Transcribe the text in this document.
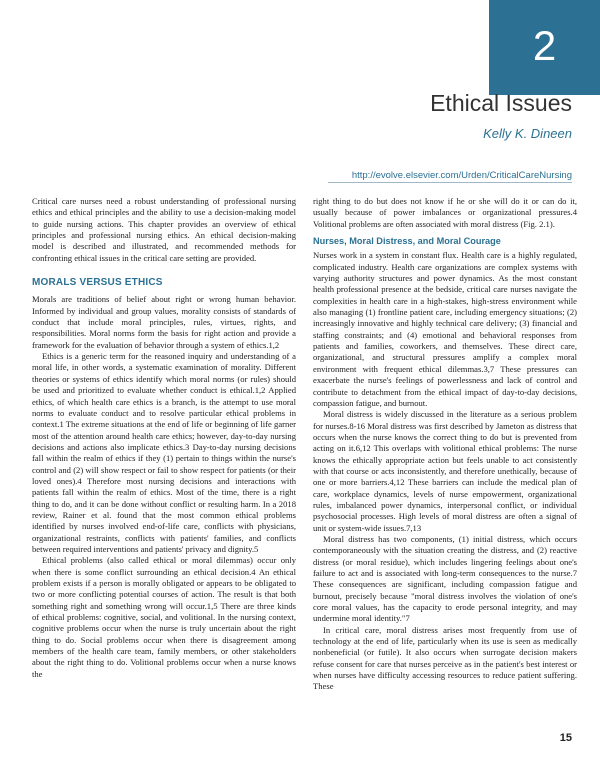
2
Ethical Issues
Kelly K. Dineen
http://evolve.elsevier.com/Urden/CriticalCareNursing

Critical care nurses need a robust understanding of professional nursing ethics and ethical principles and the ability to use a decision-making model to guide nursing actions. This chapter provides an overview of ethical principles and professional nursing ethics. An ethical decision-making model is described and illustrated, and recommended methods for confronting ethical issues in the critical care setting are provided.

MORALS VERSUS ETHICS

Morals are traditions of belief about right or wrong human behavior. Informed by individual and group values, morality consists of standards of conduct that include moral principles, rules, virtues, rights, and responsibilities. Moral norms form the basis for right action and provide a framework for the evaluation of behavior through a system of ethics.1,2

Ethics is a generic term for the reasoned inquiry and understanding of a moral life, in other words, a systematic examination of morality. Different theories or systems of ethics identify which moral norms (or rules) should be used and prioritized to evaluate whether conduct is ethical.1,2 Applied ethics, of which health care ethics is a branch, is the attempt to use moral norms to evaluate conduct and to resolve particular ethical problems in context.1 The extreme situations at the end of life or beginning of life garner most of the attention around health care ethics; however, day-to-day nursing decisions and actions also implicate ethics.3 Day-to-day nursing decisions fall within the realm of ethics if they (1) pertain to things within the nurse's control and (2) will show respect or fail to show respect for patients (or their loved ones).4 Therefore most nursing decisions and interactions with patients fall within the realm of ethics. Most of the time, there is a right thing to do, and it can be done without conflict or resulting harm. In a 2018 review, Rainer et al. found that the most common ethical problems identified by nurses involved end-of-life care, conflicts with physicians, organizational restraints, conflicts with patients' families, and conflicts between required interventions and patients' privacy and dignity.5

Ethical problems (also called ethical or moral dilemmas) occur only when there is some conflict surrounding an ethical decision.4 An ethical problem exists if a person is morally obligated or appears to be obligated to two or more conflicting potential courses of action. The result is that both something right and something wrong will occur.1,5 There are three kinds of ethical problems: cognitive, social, and volitional. In the nursing context, cognitive problems occur when the nurse is truly uncertain about the right thing to do. Social problems occur when there is disagreement among members of the health care team, family members, or other stakeholders about the right thing to do. Volitional problems occur when a nurse knows the

right thing to do but does not know if he or she will do it or can do it, usually because of power imbalances or organizational pressures.4 Volitional problems are often associated with moral distress (Fig. 2.1).

Nurses, Moral Distress, and Moral Courage

Nurses work in a system in constant flux. Health care is a highly regulated, complicated industry. Health care organizations are complex systems with varying authority structures and power dynamics. As the most constant health professional presence at the bedside, critical care nurses navigate the complexities in health care in a high-stakes, high-stress environment while also managing (1) frontline patient care, including emergency situations; (2) increasingly innovative and highly technical care delivery; (3) financial and staffing constraints; and (4) emotional and behavioral responses from patients and families, coworkers, and themselves. These direct care, organizational, and structural pressures amplify a complex moral environment with frequent ethical dilemmas.3,7 These pressures can exacerbate the nurse's feelings of powerlessness and lack of control and contribute to detachment from the ethical impact of day-to-day decisions, compassion fatigue, and burnout.

Moral distress is widely discussed in the literature as a serious problem for nurses.8-16 Moral distress was first described by Jameton as distress that occurs when the nurse knows the correct thing to do but is prevented from acting on it.6,12 This overlaps with volitional ethical problems: The nurse knows the ethically appropriate action but feels unable to act consistently with that course or acts inconsistently, and therefore unethically, because of one or more barriers.4,12 These barriers can include the medical plan of care, workplace dynamics, levels of nurse empowerment, organizational rules, imbalanced power dynamics, interpersonal conflict, or individual psychosocial processes. High levels of moral distress are often a signal of unit or system-wide issues.7,13

Moral distress has two components, (1) initial distress, which occurs contemporaneously with the situation creating the distress, and (2) reactive distress (or moral residue), which includes lingering feelings about one's failure to act and is associated with long-term consequences to the nurse.7 These consequences are significant, including compassion fatigue and burnout, precisely because "moral distress involves the violation of one's core moral values, has the capacity to erode personal integrity, and may undermine moral identity."7

In critical care, moral distress arises most frequently from use of technology at the end of life, particularly when its use is seen as medically nonbeneficial (or futile). It also occurs when surrogate decision makers refuse consent for care that nurses perceive as in the patient's best interest or when nurses have difficulty accessing resources to reduce patient suffering. These

15
